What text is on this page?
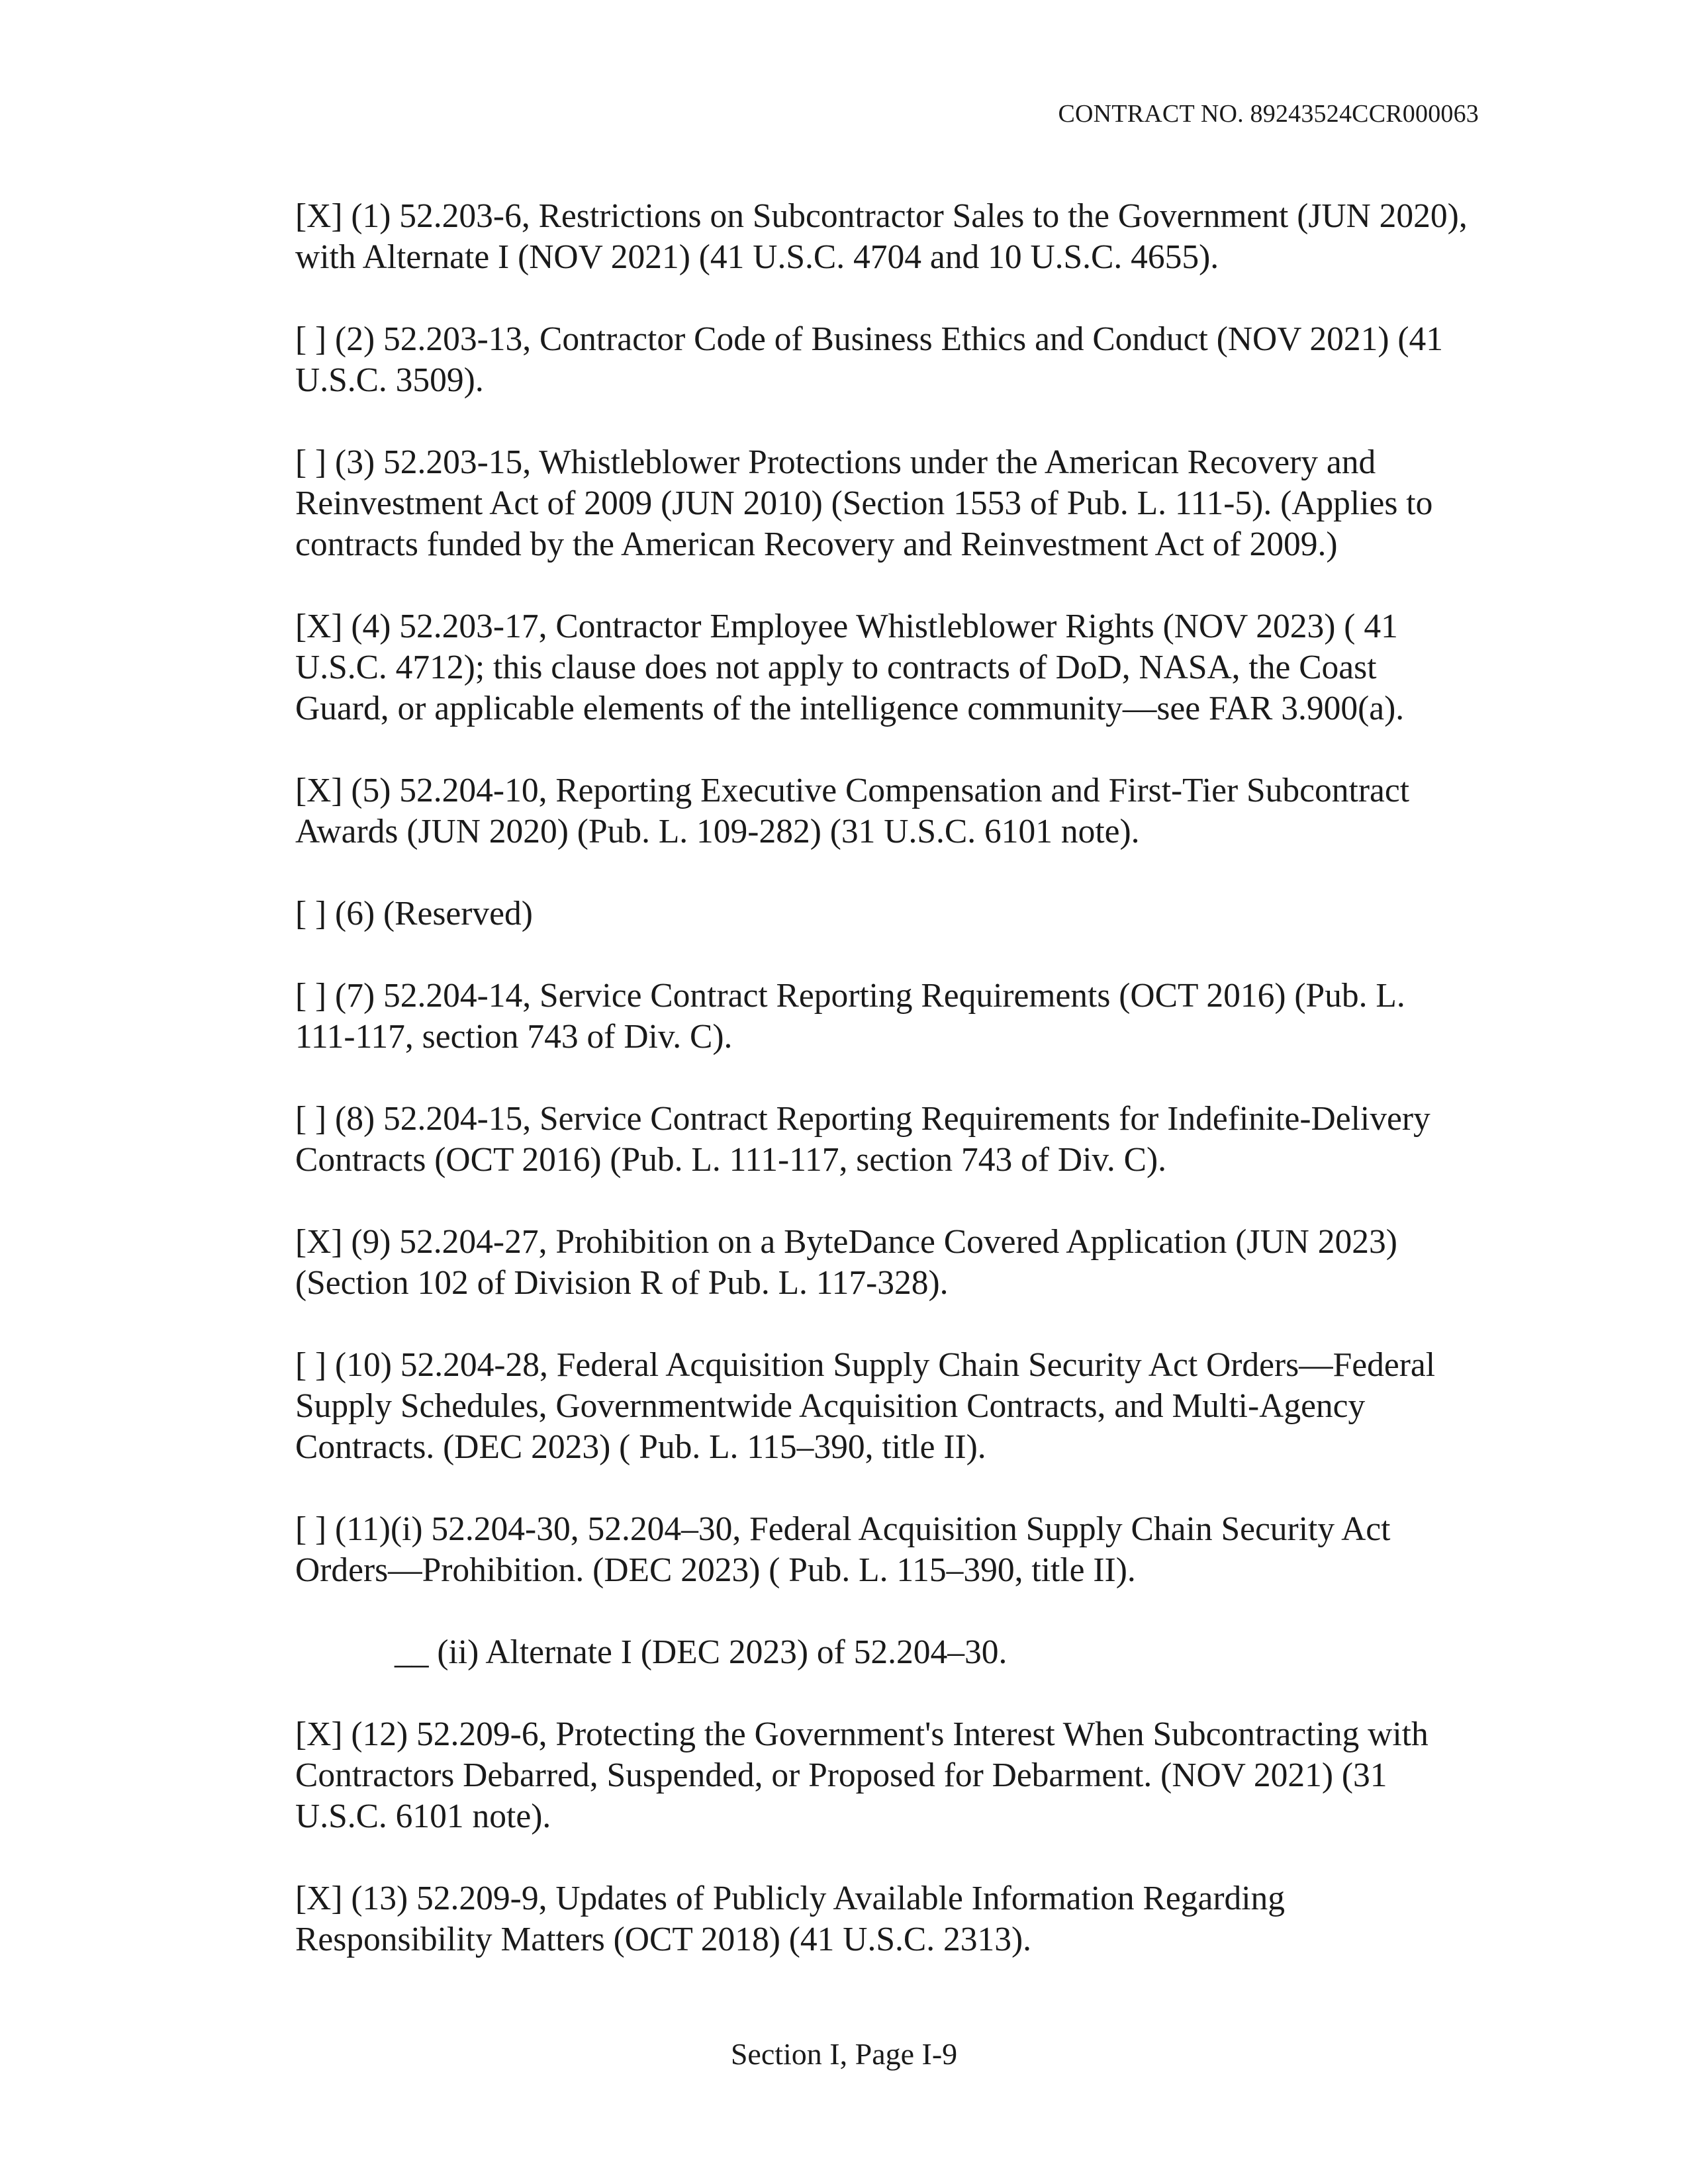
CONTRACT NO. 89243524CCR000063

[X] (1) 52.203-6, Restrictions on Subcontractor Sales to the Government (JUN 2020), with Alternate I (NOV 2021) (41 U.S.C. 4704 and 10 U.S.C. 4655).

[ ] (2) 52.203-13, Contractor Code of Business Ethics and Conduct (NOV 2021) (41 U.S.C. 3509).

[ ] (3) 52.203-15, Whistleblower Protections under the American Recovery and Reinvestment Act of 2009 (JUN 2010) (Section 1553 of Pub. L. 111-5). (Applies to contracts funded by the American Recovery and Reinvestment Act of 2009.)

[X] (4) 52.203-17, Contractor Employee Whistleblower Rights (NOV 2023) ( 41 U.S.C. 4712); this clause does not apply to contracts of DoD, NASA, the Coast Guard, or applicable elements of the intelligence community—see FAR 3.900(a).

[X] (5) 52.204-10, Reporting Executive Compensation and First-Tier Subcontract Awards (JUN 2020) (Pub. L. 109-282) (31 U.S.C. 6101 note).

[ ] (6) (Reserved)

[ ] (7) 52.204-14, Service Contract Reporting Requirements (OCT 2016) (Pub. L. 111-117, section 743 of Div. C).

[ ] (8) 52.204-15, Service Contract Reporting Requirements for Indefinite-Delivery Contracts (OCT 2016) (Pub. L. 111-117, section 743 of Div. C).

[X] (9) 52.204-27, Prohibition on a ByteDance Covered Application (JUN 2023) (Section 102 of Division R of Pub. L. 117-328).

[ ] (10) 52.204-28, Federal Acquisition Supply Chain Security Act Orders—Federal Supply Schedules, Governmentwide Acquisition Contracts, and Multi-Agency Contracts. (DEC 2023) ( Pub. L. 115–390, title II).

[ ] (11)(i) 52.204-30, 52.204–30, Federal Acquisition Supply Chain Security Act Orders—Prohibition. (DEC 2023) ( Pub. L. 115–390, title II).

__ (ii) Alternate I (DEC 2023) of 52.204–30.

[X] (12) 52.209-6, Protecting the Government's Interest When Subcontracting with Contractors Debarred, Suspended, or Proposed for Debarment. (NOV 2021) (31 U.S.C. 6101 note).

[X] (13) 52.209-9, Updates of Publicly Available Information Regarding Responsibility Matters (OCT 2018) (41 U.S.C. 2313).

Section I, Page I-9
